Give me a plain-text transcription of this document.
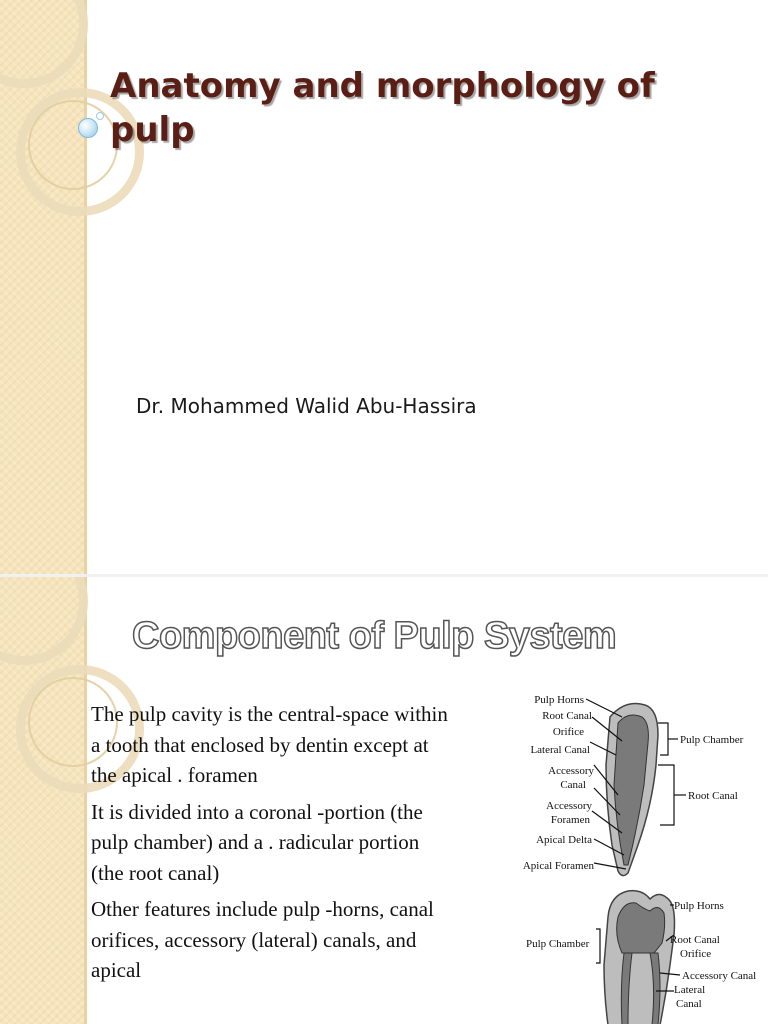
Anatomy and morphology of pulp
Dr. Mohammed Walid Abu-Hassira
Component of Pulp System
The pulp cavity is the central-space within a tooth that enclosed by dentin except at the apical . foramen
It is divided into a coronal -portion (the pulp chamber) and a . radicular portion (the root canal)
Other features include pulp -horns, canal orifices, accessory (lateral) canals, and apical
Pulp Horns
Root Canal
Orifice
Lateral Canal
Accessory
Canal
Accessory
Foramen
Apical Delta
Apical Foramen
Pulp Chamber
Root Canal
Pulp Chamber
Pulp Horns
Root Canal
Orifice
Accessory Canal
Lateral
Canal
